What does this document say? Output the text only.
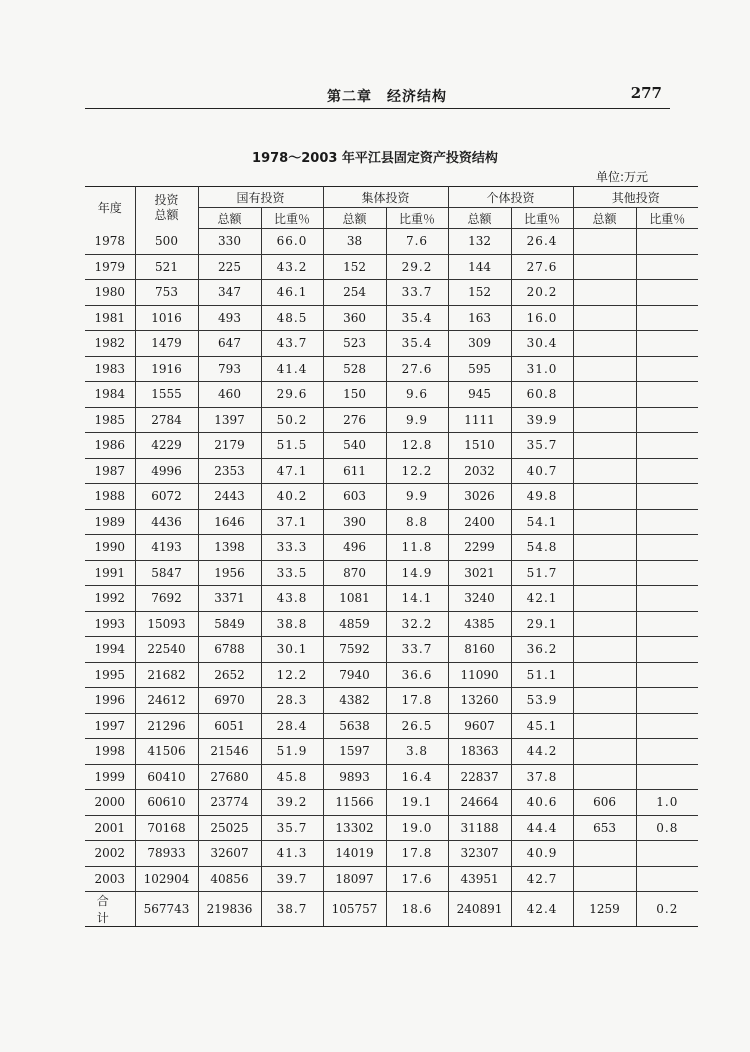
第二章　经济结构	277
1978～2003 年平江县固定资产投资结构
单位:万元
年度	投资
总额	国有投资		集体投资		个体投资		其他投资	
		总额	比重％	总额	比重％	总额	比重％	总额	比重％
1978	500	330	66.0	38	7.6	132	26.4		
1979	521	225	43.2	152	29.2	144	27.6		
1980	753	347	46.1	254	33.7	152	20.2		
1981	1016	493	48.5	360	35.4	163	16.0		
1982	1479	647	43.7	523	35.4	309	30.4		
1983	1916	793	41.4	528	27.6	595	31.0		
1984	1555	460	29.6	150	9.6	945	60.8		
1985	2784	1397	50.2	276	9.9	1111	39.9		
1986	4229	2179	51.5	540	12.8	1510	35.7		
1987	4996	2353	47.1	611	12.2	2032	40.7		
1988	6072	2443	40.2	603	9.9	3026	49.8		
1989	4436	1646	37.1	390	8.8	2400	54.1		
1990	4193	1398	33.3	496	11.8	2299	54.8		
1991	5847	1956	33.5	870	14.9	3021	51.7		
1992	7692	3371	43.8	1081	14.1	3240	42.1		
1993	15093	5849	38.8	4859	32.2	4385	29.1		
1994	22540	6788	30.1	7592	33.7	8160	36.2		
1995	21682	2652	12.2	7940	36.6	11090	51.1		
1996	24612	6970	28.3	4382	17.8	13260	53.9		
1997	21296	6051	28.4	5638	26.5	9607	45.1		
1998	41506	21546	51.9	1597	3.8	18363	44.2		
1999	60410	27680	45.8	9893	16.4	22837	37.8		
2000	60610	23774	39.2	11566	19.1	24664	40.6	606	1.0
2001	70168	25025	35.7	13302	19.0	31188	44.4	653	0.8
2002	78933	32607	41.3	14019	17.8	32307	40.9		
2003	102904	40856	39.7	18097	17.6	43951	42.7		
合计	567743	219836	38.7	105757	18.6	240891	42.4	1259	0.2
